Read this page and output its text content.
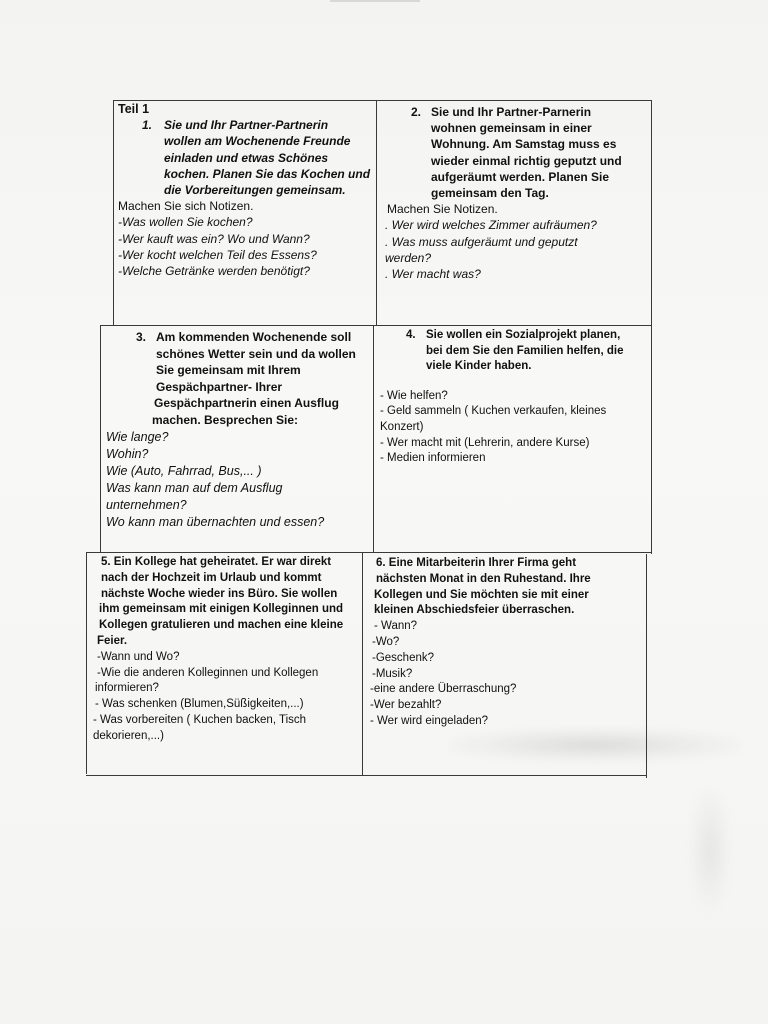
Teil 1
1. Sie und Ihr Partner-Partnerin
wollen am Wochenende Freunde
einladen und etwas Schönes
kochen. Planen Sie das Kochen und
die Vorbereitungen gemeinsam.
Machen Sie sich Notizen.
-Was wollen Sie kochen?
-Wer kauft was ein? Wo und Wann?
-Wer kocht welchen Teil des Essens?
-Welche Getränke werden benötigt?
2. Sie und Ihr Partner-Parnerin
wohnen gemeinsam in einer
Wohnung. Am Samstag muss es
wieder einmal richtig geputzt und
aufgeräumt werden. Planen Sie
gemeinsam den Tag.
Machen Sie Notizen.
. Wer wird welches Zimmer aufräumen?
. Was muss aufgeräumt und geputzt
werden?
. Wer macht was?
3. Am kommenden Wochenende soll
schönes Wetter sein und da wollen
Sie gemeinsam mit Ihrem
Gespächpartner- Ihrer
Gespächpartnerin einen Ausflug
machen. Besprechen Sie:
Wie lange?
Wohin?
Wie (Auto, Fahrrad, Bus,... )
Was kann man auf dem Ausflug
unternehmen?
Wo kann man übernachten und essen?
4. Sie wollen ein Sozialprojekt planen,
bei dem Sie den Familien helfen, die
viele Kinder haben.
- Wie helfen?
- Geld sammeln ( Kuchen verkaufen, kleines
Konzert)
- Wer macht mit (Lehrerin, andere Kurse)
- Medien informieren
5. Ein Kollege hat geheiratet. Er war direkt
nach der Hochzeit im Urlaub und kommt
nächste Woche wieder ins Büro. Sie wollen
ihm gemeinsam mit einigen Kolleginnen und
Kollegen gratulieren und machen eine kleine
Feier.
-Wann und Wo?
-Wie die anderen Kolleginnen und Kollegen
informieren?
- Was schenken (Blumen,Süßigkeiten,...)
- Was vorbereiten ( Kuchen backen, Tisch
dekorieren,...)
6. Eine Mitarbeiterin Ihrer Firma geht
nächsten Monat in den Ruhestand. Ihre
Kollegen und Sie möchten sie mit einer
kleinen Abschiedsfeier überraschen.
- Wann?
-Wo?
-Geschenk?
-Musik?
-eine andere Überraschung?
-Wer bezahlt?
- Wer wird eingeladen?
